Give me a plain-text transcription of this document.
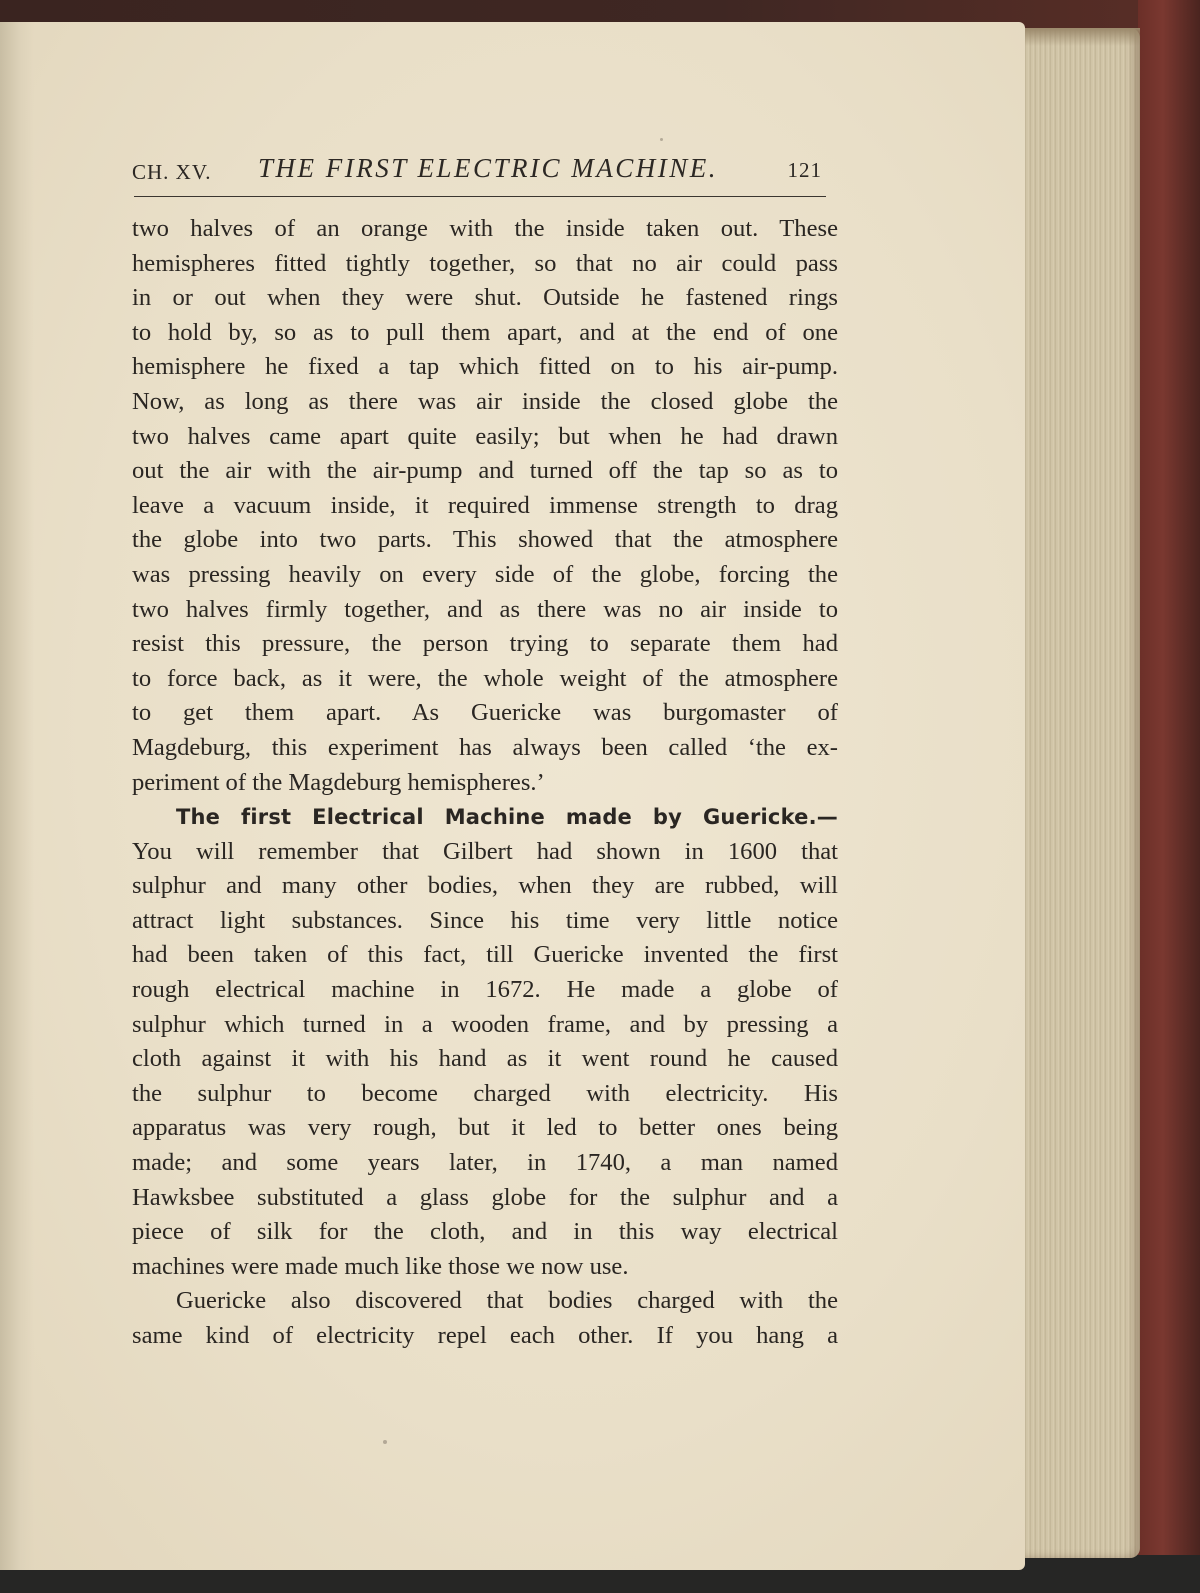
CH. XV. THE FIRST ELECTRIC MACHINE.	121
two halves of an orange with the inside taken out. These
hemispheres fitted tightly together, so that no air could pass
in or out when they were shut. Outside he fastened rings
to hold by, so as to pull them apart, and at the end of one
hemisphere he fixed a tap which fitted on to his air-pump.
Now, as long as there was air inside the closed globe the
two halves came apart quite easily; but when he had drawn
out the air with the air-pump and turned off the tap so as to
leave a vacuum inside, it required immense strength to drag
the globe into two parts. This showed that the atmosphere
was pressing heavily on every side of the globe, forcing the
two halves firmly together, and as there was no air inside to
resist this pressure, the person trying to separate them had
to force back, as it were, the whole weight of the atmosphere
to get them apart. As Guericke was burgomaster of
Magdeburg, this experiment has always been called ‘the ex-
periment of the Magdeburg hemispheres.’
The first Electrical Machine made by Guericke.—
You will remember that Gilbert had shown in 1600 that
sulphur and many other bodies, when they are rubbed, will
attract light substances. Since his time very little notice
had been taken of this fact, till Guericke invented the first
rough electrical machine in 1672. He made a globe of
sulphur which turned in a wooden frame, and by pressing a
cloth against it with his hand as it went round he caused
the sulphur to become charged with electricity. His
apparatus was very rough, but it led to better ones being
made; and some years later, in 1740, a man named
Hawksbee substituted a glass globe for the sulphur and a
piece of silk for the cloth, and in this way electrical
machines were made much like those we now use.
Guericke also discovered that bodies charged with the
same kind of electricity repel each other. If you hang a
